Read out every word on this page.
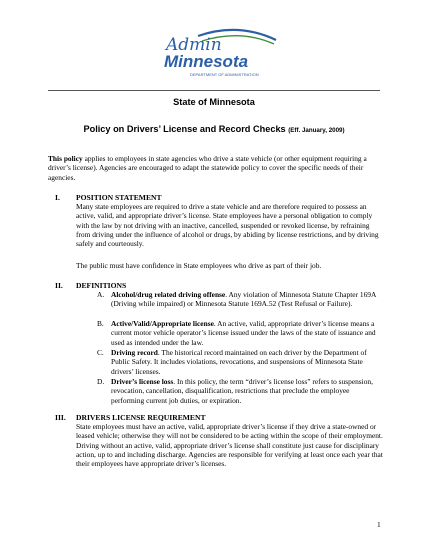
Admin
Minnesota
DEPARTMENT OF ADMINISTRATION
State of Minnesota
Policy on Drivers’ License and Record Checks (Eff. January, 2009)
This policy applies to employees in state agencies who drive a state vehicle (or other equipment requiring a driver’s license). Agencies are encouraged to adapt the statewide policy to cover the specific needs of their agencies.
I. POSITION STATEMENT
Many state employees are required to drive a state vehicle and are therefore required to possess an active, valid, and appropriate driver’s license. State employees have a personal obligation to comply with the law by not driving with an inactive, cancelled, suspended or revoked license, by refraining from driving under the influence of alcohol or drugs, by abiding by license restrictions, and by driving safely and courteously.
The public must have confidence in State employees who drive as part of their job.
II. DEFINITIONS
A. Alcohol/drug related driving offense. Any violation of Minnesota Statute Chapter 169A (Driving while impaired) or Minnesota Statute 169A.52 (Test Refusal or Failure).
B. Active/Valid/Appropriate license. An active, valid, appropriate driver’s license means a current motor vehicle operator’s license issued under the laws of the state of issuance and used as intended under the law.
C. Driving record. The historical record maintained on each driver by the Department of Public Safety. It includes violations, revocations, and suspensions of Minnesota State drivers’ licenses.
D. Driver’s license loss. In this policy, the term “driver’s license loss” refers to suspension, revocation, cancellation, disqualification, restrictions that preclude the employee performing current job duties, or expiration.
III. DRIVERS LICENSE REQUIREMENT
State employees must have an active, valid, appropriate driver’s license if they drive a state-owned or leased vehicle; otherwise they will not be considered to be acting within the scope of their employment. Driving without an active, valid, appropriate driver’s license shall constitute just cause for disciplinary action, up to and including discharge. Agencies are responsible for verifying at least once each year that their employees have appropriate driver’s licenses.
1
